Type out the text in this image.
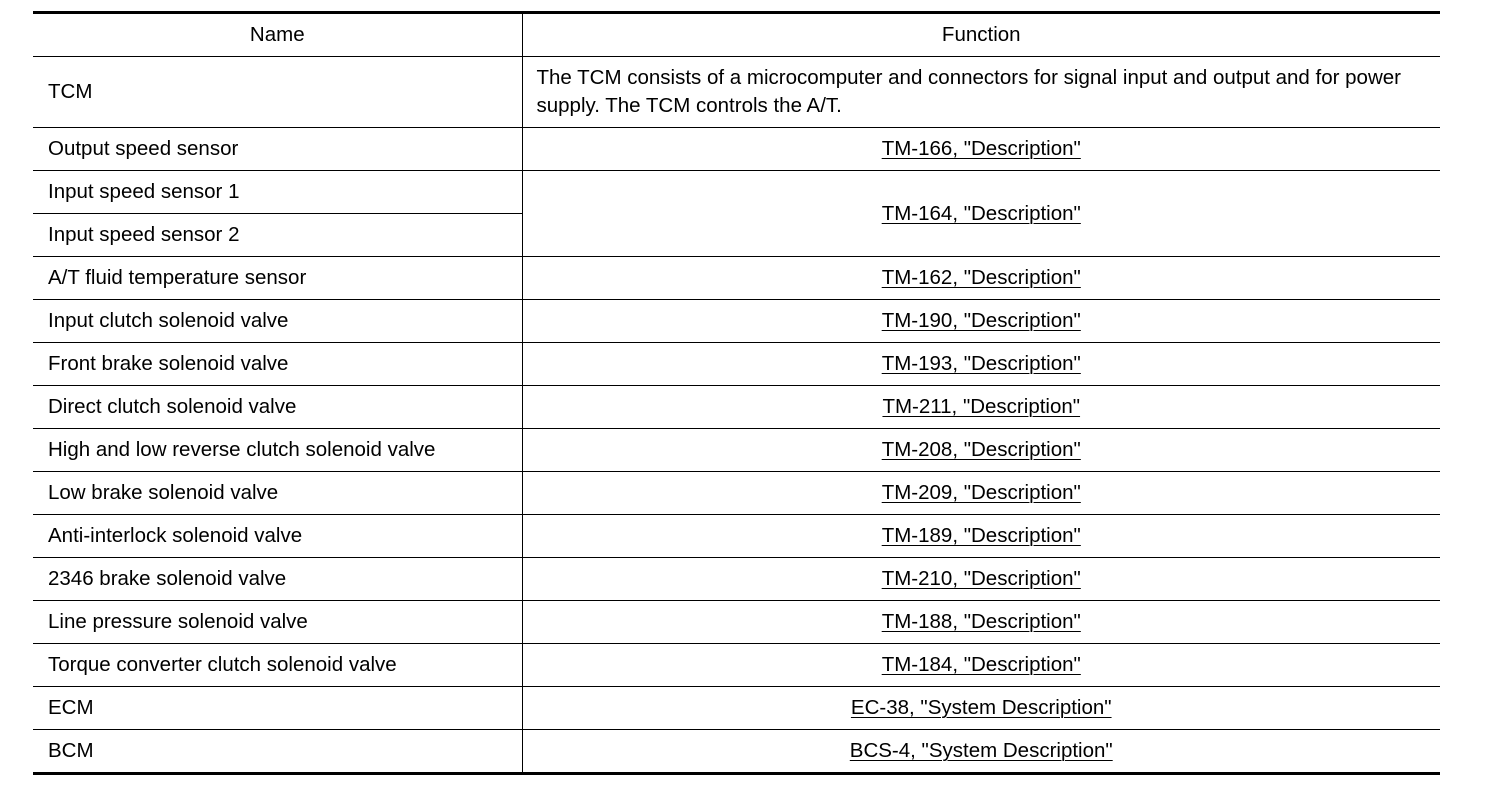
Name	Function
TCM	The TCM consists of a microcomputer and connectors for signal input and output and for power supply. The TCM controls the A/T.
Output speed sensor	TM-166, "Description"
Input speed sensor 1	TM-164, "Description"
Input speed sensor 2	
A/T fluid temperature sensor	TM-162, "Description"
Input clutch solenoid valve	TM-190, "Description"
Front brake solenoid valve	TM-193, "Description"
Direct clutch solenoid valve	TM-211, "Description"
High and low reverse clutch solenoid valve	TM-208, "Description"
Low brake solenoid valve	TM-209, "Description"
Anti-interlock solenoid valve	TM-189, "Description"
2346 brake solenoid valve	TM-210, "Description"
Line pressure solenoid valve	TM-188, "Description"
Torque converter clutch solenoid valve	TM-184, "Description"
ECM	EC-38, "System Description"
BCM	BCS-4, "System Description"
